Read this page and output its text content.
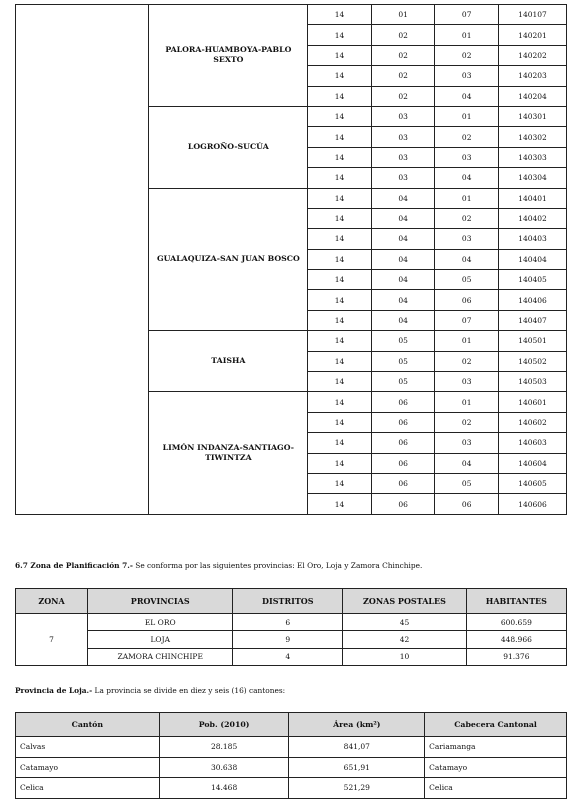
	PALORA-HUAMBOYA-PABLO SEXTO	14	01	07	140107
		14	02	01	140201
		14	02	02	140202
		14	02	03	140203
		14	02	04	140204
	LOGROÑO-SUCÚA	14	03	01	140301
		14	03	02	140302
		14	03	03	140303
		14	03	04	140304
	GUALAQUIZA-SAN JUAN BOSCO	14	04	01	140401
		14	04	02	140402
		14	04	03	140403
		14	04	04	140404
		14	04	05	140405
		14	04	06	140406
		14	04	07	140407
	TAISHA	14	05	01	140501
		14	05	02	140502
		14	05	03	140503
	LIMÓN INDANZA-SANTIAGO-TIWINTZA	14	06	01	140601
		14	06	02	140602
		14	06	03	140603
		14	06	04	140604
		14	06	05	140605
		14	06	06	140606
6.7 Zona de Planificación 7.- Se conforma por las siguientes provincias: El Oro, Loja y Zamora Chinchipe.
ZONA	PROVINCIAS	DISTRITOS	ZONAS POSTALES	HABITANTES
7	EL ORO	6	45	600.659
	LOJA	9	42	448.966
	ZAMORA CHINCHIPE	4	10	91.376
Provincia de Loja.- La provincia se divide en diez y seis (16) cantones:
Cantón	Pob. (2010)	Área (km²)	Cabecera Cantonal
Calvas	28.185	841,07	Cariamanga
Catamayo	30.638	651,91	Catamayo
Celica	14.468	521,29	Celica
